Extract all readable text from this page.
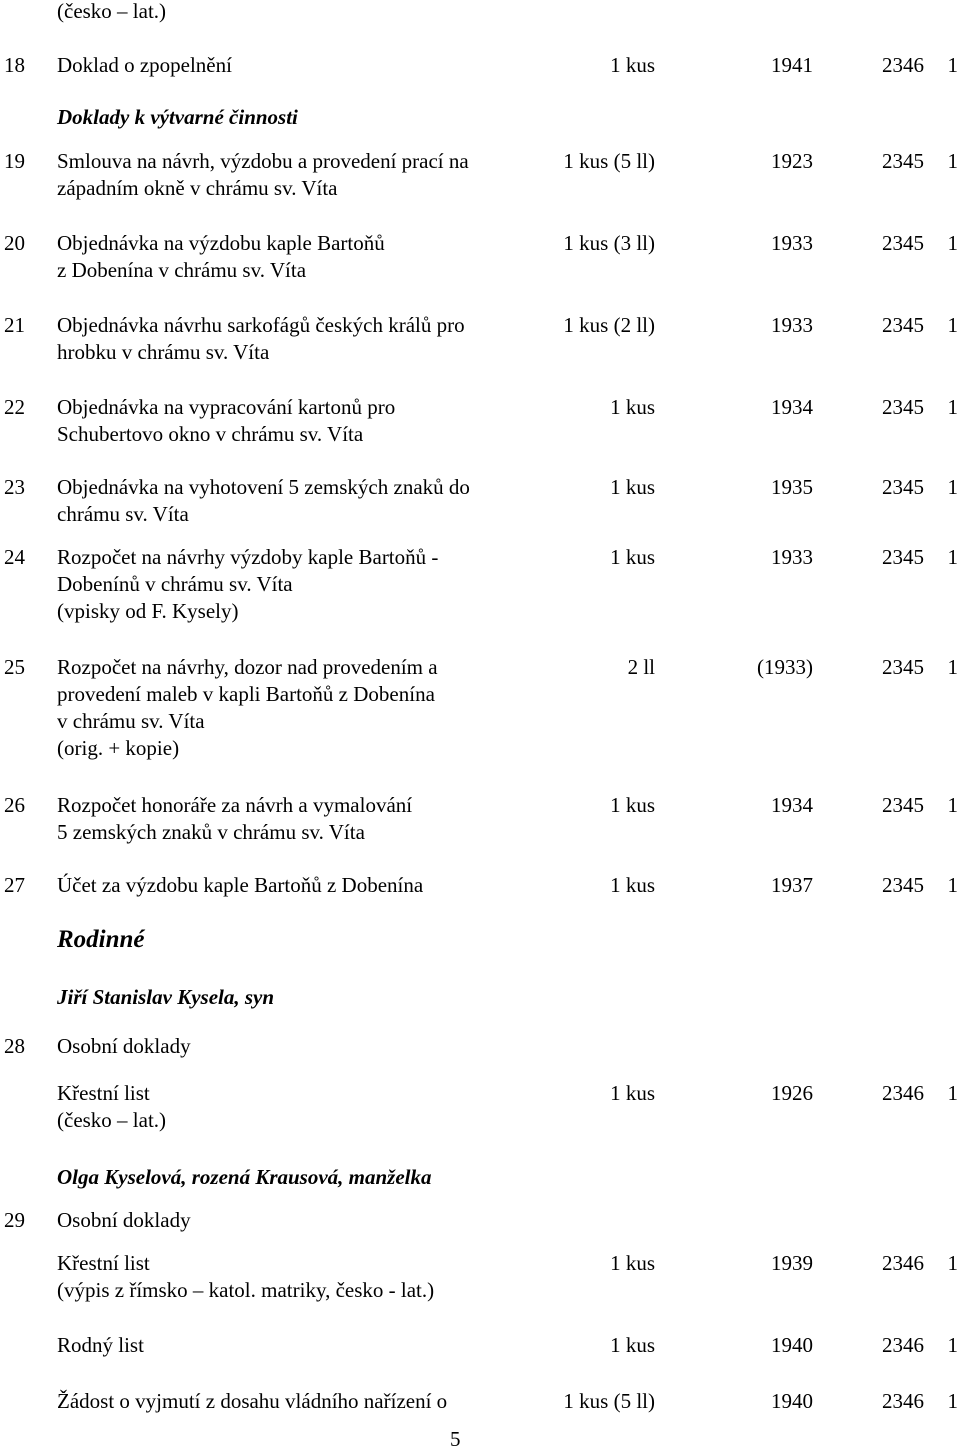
(česko – lat.)
18 Doklad o zpopelnění	1 kus	1941	2346 1
Doklady k výtvarné činnosti
19 Smlouva na návrh, výzdobu a provedení prací na
západním okně v chrámu sv. Víta
1 kus (5 ll)	1923	2345 1
20 Objednávka na výzdobu kaple Bartoňů
z Dobenína v chrámu sv. Víta
1 kus (3 ll)	1933	2345 1
21 Objednávka návrhu sarkofágů českých králů pro
hrobku v chrámu sv. Víta
1 kus (2 ll)	1933	2345 1
22 Objednávka na vypracování kartonů pro
Schubertovo okno v chrámu sv. Víta
1 kus	1934	2345 1
23 Objednávka na vyhotovení 5 zemských znaků do
chrámu sv. Víta
1 kus	1935	2345 1
24 Rozpočet na návrhy výzdoby kaple Bartoňů -
Dobenínů v chrámu sv. Víta
(vpisky od F. Kysely)
1 kus	1933	2345 1
25 Rozpočet na návrhy, dozor nad provedením a
provedení maleb v kapli Bartoňů z Dobenína
v chrámu sv. Víta
(orig. + kopie)
2 ll	(1933)	2345 1
26 Rozpočet honoráře za návrh a vymalování
5 zemských znaků v chrámu sv. Víta
1 kus	1934	2345 1
27 Účet za výzdobu kaple Bartoňů z Dobenína	1 kus	1937	2345 1
Rodinné
Jiří Stanislav Kysela, syn
28 Osobní doklady
Křestní list
(česko – lat.)
1 kus	1926	2346 1
Olga Kyselová, rozená Krausová, manželka
29 Osobní doklady
Křestní list
(výpis z římsko – katol. matriky, česko - lat.)
1 kus	1939	2346 1
Rodný list	1 kus	1940	2346 1
Žádost o vyjmutí z dosahu vládního nařízení o	1 kus (5 ll)	1940	2346 1
5
